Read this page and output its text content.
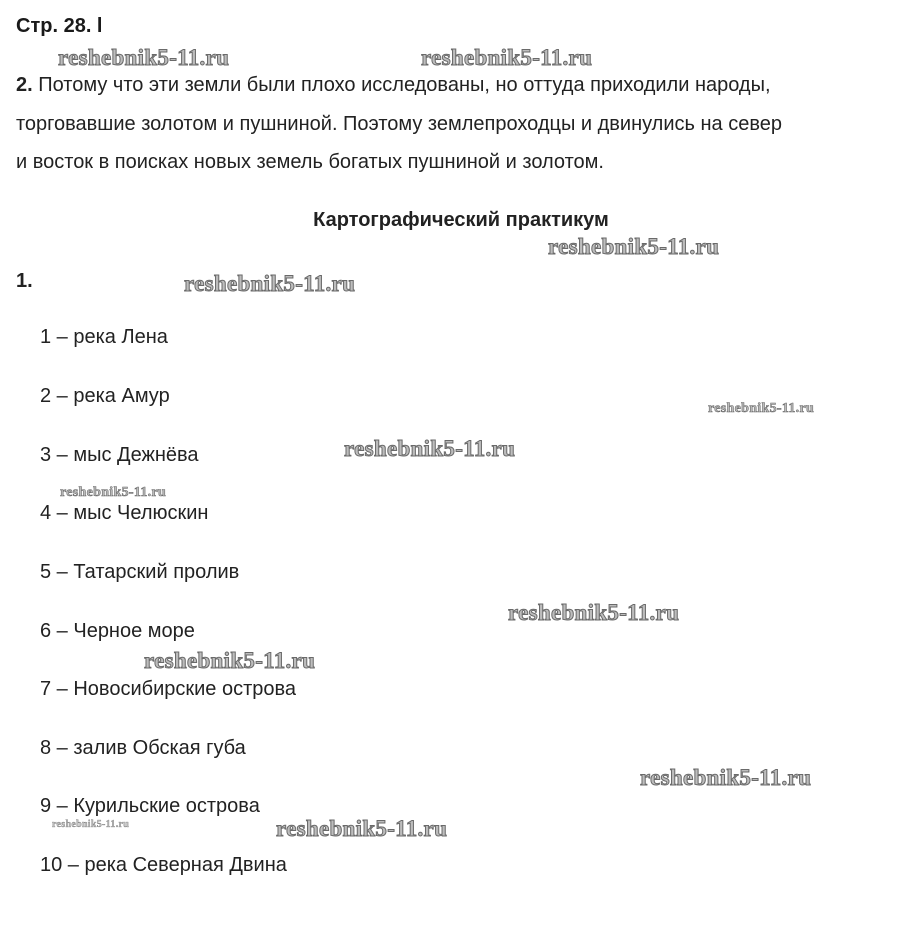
Стр. 28. l
reshebnik5-11.ru	reshebnik5-11.ru
2. Потому что эти земли были плохо исследованы, но оттуда приходили народы,
торговавшие золотом и пушниной. Поэтому землепроходцы и двинулись на север
и восток в поисках новых земель богатых пушниной и золотом.
Картографический практикум
reshebnik5-11.ru
1.	reshebnik5-11.ru
1 – река Лена
2 – река Амур
reshebnik5-11.ru
reshebnik5-11.ru
3 – мыс Дежнёва
reshebnik5-11.ru
4 – мыс Челюскин
5 – Татарский пролив
reshebnik5-11.ru
6 – Черное море
reshebnik5-11.ru
7 – Новосибирские острова
8 – залив Обская губа
reshebnik5-11.ru
9 – Курильские острова
reshebnik5-11.ru	reshebnik5-11.ru
10 – река Северная Двина
